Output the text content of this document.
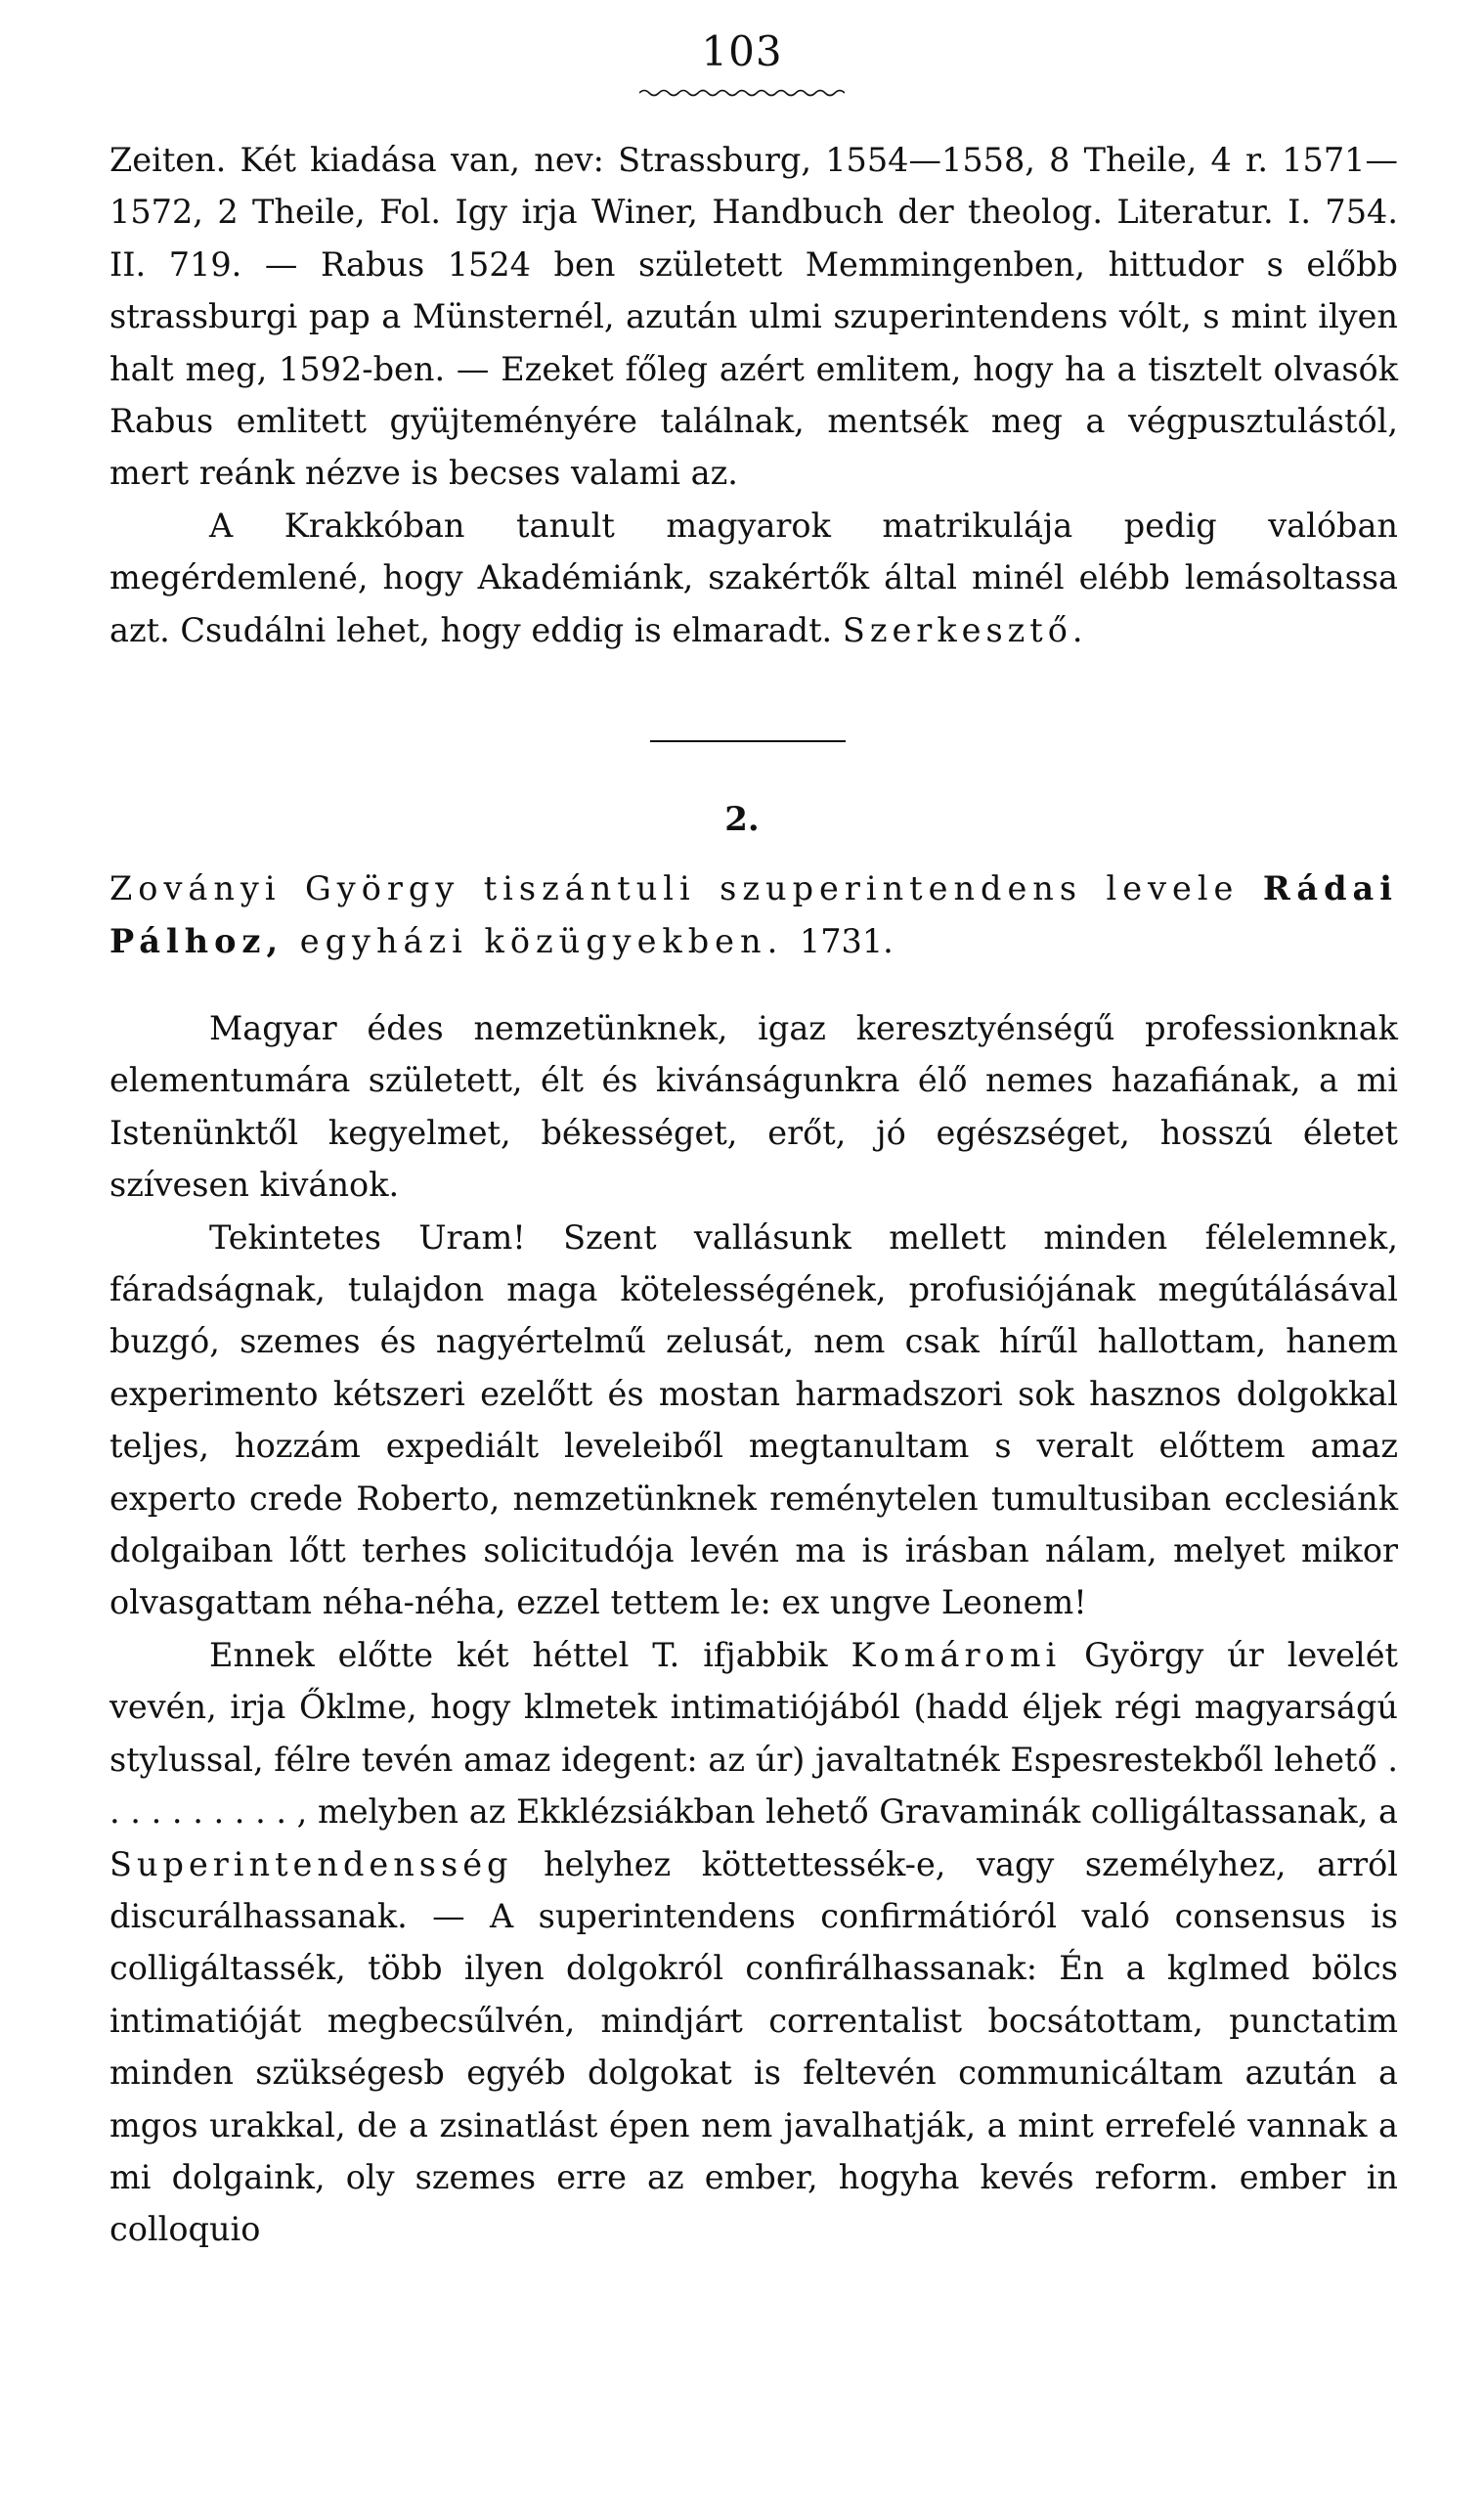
103

Zeiten. Két kiadása van, nev: Strassburg, 1554—1558, 8 Theile, 4 r. 1571—1572, 2 Theile, Fol. Igy irja Winer, Handbuch der theolog. Literatur. I. 754. II. 719. — Rabus 1524 ben született Memmingenben, hittudor s előbb strassburgi pap a Münsternél, azután ulmi szuperintendens vólt, s mint ilyen halt meg, 1592-ben. — Ezeket főleg azért emlitem, hogy ha a tisztelt olvasók Rabus emlitett gyüjteményére találnak, mentsék meg a végpusztulástól, mert reánk nézve is becses valami az.

A Krakkóban tanult magyarok matrikulája pedig valóban megérdemlené, hogy Akadémiánk, szakértők által minél elébb lemásoltassa azt. Csudálni lehet, hogy eddig is elmaradt. Szerkesztő.

2.
Zoványi György tiszántuli szuperintendens levele Rádai Pálhoz, egyházi közügyekben. 1731.

Magyar édes nemzetünknek, igaz keresztyénségű professionknak elementumára született, élt és kivánságunkra élő nemes hazafiának, a mi Istenünktől kegyelmet, békességet, erőt, jó egészséget, hosszú életet szívesen kivánok.

Tekintetes Uram! Szent vallásunk mellett minden félelemnek, fáradságnak, tulajdon maga kötelességének, profusiójának megútálásával buzgó, szemes és nagyértelmű zelusát, nem csak hírűl hallottam, hanem experimento kétszeri ezelőtt és mostan harmadszori sok hasznos dolgokkal teljes, hozzám expediált leveleiből megtanultam s veralt előttem amaz experto crede Roberto, nemzetünknek reménytelen tumultusiban ecclesiánk dolgaiban lőtt terhes solicitudója levén ma is irásban nálam, melyet mikor olvasgattam néha-néha, ezzel tettem le: ex ungve Leonem!

Ennek előtte két héttel T. ifjabbik Komáromi György úr levelét vevén, irja Őklme, hogy klmetek intimatiójából (hadd éljek régi magyarságú stylussal, félre tevén amaz idegent: az úr) javaltatnék Espesrestekből lehető . . . . . . . . . . , melyben az Ekklézsiákban lehető Gravaminák colligáltassanak, a Superintendensség helyhez köttettessék-e, vagy személyhez, arról discurálhassanak. — A superintendens confirmátióról való consensus is colligáltassék, több ilyen dolgokról confirálhassanak: Én a kglmed bölcs intimatióját megbecsűlvén, mindjárt correntalist bocsátottam, punctatim minden szükségesb egyéb dolgokat is feltevén communicáltam azután a mgos urakkal, de a zsinatlást épen nem javalhatják, a mint errefelé vannak a mi dolgaink, oly szemes erre az ember, hogyha kevés reform. ember in colloquio
